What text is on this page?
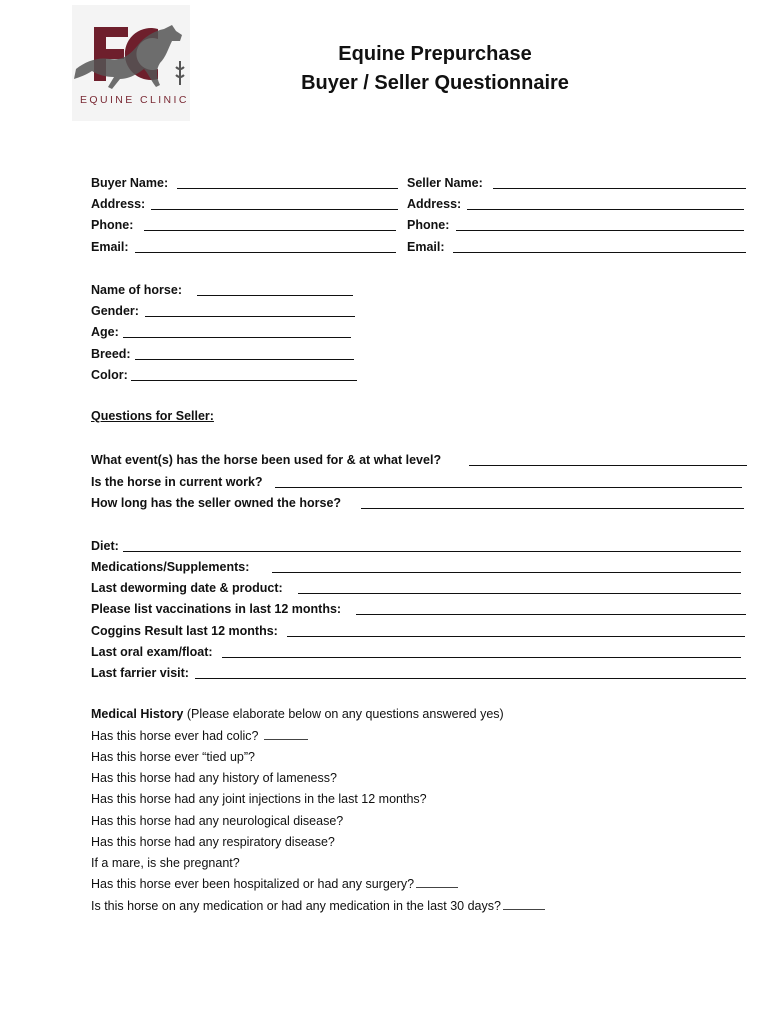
EQUINE CLINIC
Equine Prepurchase
Buyer / Seller Questionnaire
Buyer Name:
Address:
Phone:
Email:
Seller Name:
Address:
Phone:
Email:
Name of horse:
Gender:
Age:
Breed:
Color:
Questions for Seller:
What event(s) has the horse been used for & at what level?
Is the horse in current work?
How long has the seller owned the horse?
Diet:
Medications/Supplements:
Last deworming date & product:
Please list vaccinations in last 12 months:
Coggins Result last 12 months:
Last oral exam/float:
Last farrier visit:
Medical History (Please elaborate below on any questions answered yes)
Has this horse ever had colic?
Has this horse ever “tied up”?
Has this horse had any history of lameness?
Has this horse had any joint injections in the last 12 months?
Has this horse had any neurological disease?
Has this horse had any respiratory disease?
If a mare, is she pregnant?
Has this horse ever been hospitalized or had any surgery?
Is this horse on any medication or had any medication in the last 30 days?
